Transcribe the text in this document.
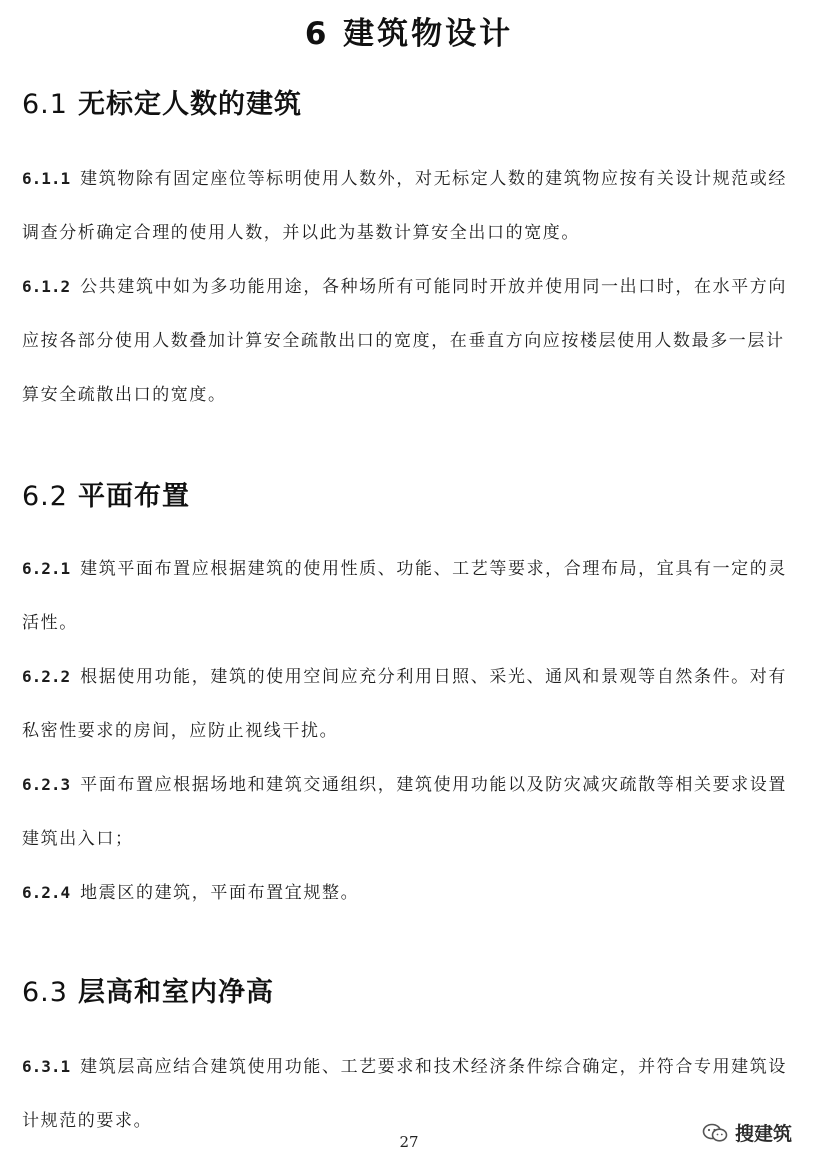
6 建筑物设计
6.1 无标定人数的建筑
6.1.1 建筑物除有固定座位等标明使用人数外，对无标定人数的建筑物应按有关设计规范或经调查分析确定合理的使用人数，并以此为基数计算安全出口的宽度。
6.1.2 公共建筑中如为多功能用途，各种场所有可能同时开放并使用同一出口时，在水平方向应按各部分使用人数叠加计算安全疏散出口的宽度，在垂直方向应按楼层使用人数最多一层计算安全疏散出口的宽度。
6.2 平面布置
6.2.1 建筑平面布置应根据建筑的使用性质、功能、工艺等要求，合理布局，宜具有一定的灵活性。
6.2.2 根据使用功能，建筑的使用空间应充分利用日照、采光、通风和景观等自然条件。对有私密性要求的房间，应防止视线干扰。
6.2.3 平面布置应根据场地和建筑交通组织，建筑使用功能以及防灾减灾疏散等相关要求设置建筑出入口；
6.2.4 地震区的建筑，平面布置宜规整。
6.3 层高和室内净高
6.3.1 建筑层高应结合建筑使用功能、工艺要求和技术经济条件综合确定，并符合专用建筑设计规范的要求。
27	搜建筑
